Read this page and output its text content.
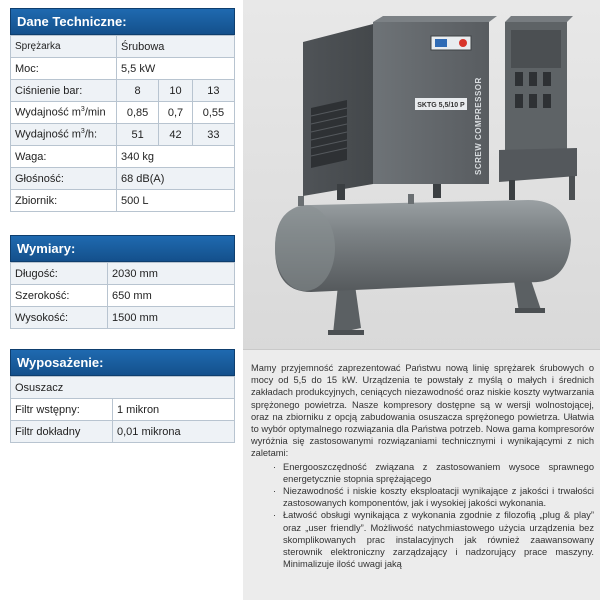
Dane Techniczne:
Sprężarka	Śrubowa		
Moc:	5,5 kW		
Ciśnienie bar:	8	10	13
Wydajność $m^3/\min$	0,85	0,7	0,55
Wydajność $m^3/h$:	51	42	33
Waga:	340 kg		
Głośność:	68 dB(A)		
Zbiornik:	500 L		
Wymiary:
Długość:	2030 mm
Szerokość:	650 mm
Wysokość:	1500 mm
Wyposażenie:
Osuszacz	
Filtr wstępny:	1 mikron
Filtr dokładny	0,01 mikrona
SKTG 5,5/10 P SCREW COMPRESSOR

Mamy przyjemność zaprezentować Państwu nową linię sprężarek śrubowych o mocy od 5,5 do 15 kW. Urządzenia te powstały z myślą o małych i średnich zakładach produkcyjnych, ceniących niezawodność oraz niskie koszty wytwarzania sprężonego powietrza. Nasze kompresory dostępne są w wersji wolnostojącej, oraz na zbiorniku z opcją zabudowania osuszacza sprężonego powietrza. Ułatwia to wybór optymalnego rozwiązania dla Państwa potrzeb. Nowa gama kompresorów wyróżnia się zastosowanymi rozwiązaniami technicznymi i wynikającymi z nich zaletami:

· Energooszczędność związana z zastosowaniem wysoce sprawnego energetycznie stopnia sprężającego
· Niezawodność i niskie koszty eksploatacji wynikające z jakości i trwałości zastosowanych komponentów, jak i wysokiej jakości wykonania.
· Łatwość obsługi wynikająca z wykonania zgodnie z filozofią „plug & play” oraz „user friendly”. Możliwość natychmiastowego użycia urządzenia bez skomplikowanych prac instalacyjnych jak również zaawansowany sterownik elektroniczny zarządzający i nadzorujący prace maszyny. Minimalizuje ilość uwagi jaką
